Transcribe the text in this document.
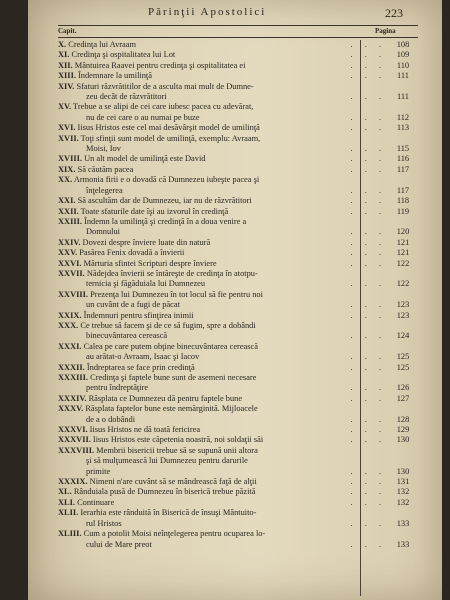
Părinţii Apostolici	223
Capit.	Pagina
X. Credinţa lui Avraam	. . .	108
XI. Credinţa şi ospitalitatea lui Lot	. . .	109
XII. Mântuirea Raavei pentru credinţa şi ospitalitatea ei	. . .	110
XIII. Îndemnare la umilinţă	. . .	111
XIV. Sfaturi răzvrătitilor de a asculta mai mult de Dumne-
zeu decât de răzvrătitori	. . .	111
XV. Trebue a se alipi de cei care iubesc pacea cu adevărat,
nu de cei care o au numai pe buze	. . .	112
XVI. Iisus Hristos este cel mai desăvârşit model de umilinţă	. . .	113
XVII. Toţi sfinţii sunt model de umilinţă, exemplu: Avraam,
Moisi, Iov	. . .	115
XVIII. Un alt model de umilinţă este David	. . .	116
XIX. Să căutăm pacea	. . .	117
XX. Armonia firii e o dovadă că Dumnezeu iubeşte pacea şi
înţelegerea	. . .	117
XXI. Să ascultăm dar de Dumnezeu, iar nu de răzvrătitori	. . .	118
XXII. Toate sfaturile date îşi au izvorul în credinţă	. . .	119
XXIII. Îndemn la umilinţă şi credinţă în a doua venire a
Domnului	. . .	120
XXIV. Dovezi despre înviere luate din natură	. . .	121
XXV. Pasărea Fenix dovadă a învierii	. . .	121
XXVI. Mărturia sfintei Scripturi despre înviere	. . .	122
XXVII. Nădejdea învierii se întăreşte de credinţa în atotpu-
ternicia şi făgăduiala lui Dumnezeu	. . .	122
XXVIII. Prezenţa lui Dumnezeu în tot locul să fie pentru noi
un cuvânt de a fugi de păcat	. . .	123
XXIX. Îndemnuri pentru sfinţirea inimii	. . .	123
XXX. Ce trebue să facem şi de ce să fugim, spre a dobândi
binecuvântarea cerească	. . .	124
XXXI. Calea pe care putem obţine binecuvântarea cerească
au arătat-o Avraam, Isaac şi Iacov	. . .	125
XXXII. Îndreptarea se face prin credinţă	. . .	125
XXXIII. Credinţa şi faptele bune sunt de asemeni necesare
pentru îndreptăţire	. . .	126
XXXIV. Răsplata ce Dumnezeu dă pentru faptele bune	. . .	127
XXXV. Răsplata faptelor bune este nemărginită. Mijloacele
de a o dobândi	. . .	128
XXXVI. Iisus Hristos ne dă toată fericirea	. . .	129
XXXVII. Iisus Hristos este căpetenia noastră, noi soldaţii săi	. . .	130
XXXVIII. Membrii bisericii trebue să se supună unii altora
şi să mulţumească lui Dumnezeu pentru darurile
primite	. . .	130
XXXIX. Nimeni n'are cuvânt să se mândrească faţă de alţii	. . .	131
XL. Rânduiala pusă de Dumnezeu în biserică trebue păzită	. . .	132
XLI. Continuare	. . .	132
XLII. Ierarhia este rânduită în Biserică de însuşi Mântuito-
rul Hristos	. . .	133
XLIII. Cum a potolit Moisi neînţelegerea pentru ocuparea lo-
cului de Mare preot	. . .	133
